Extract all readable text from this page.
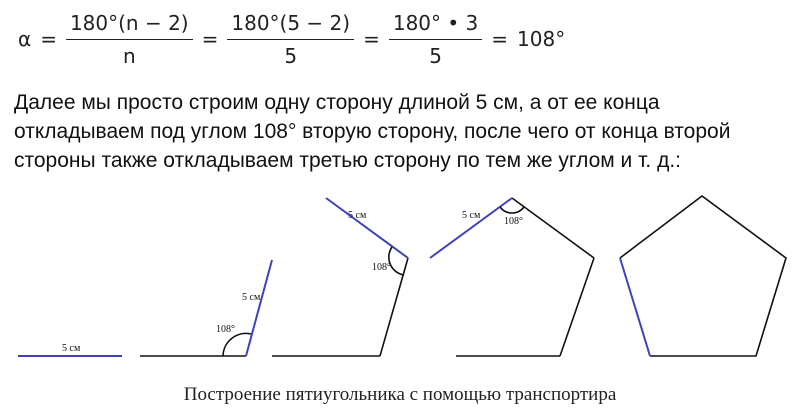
$\alpha = \frac{180^\circ(n - 2)}{n} = \frac{180^\circ(5 - 2)}{5} = \frac{180^\circ • 3}{5} = 108^\circ$

Далее мы просто строим одну сторону длиной 5 см, а от ее конца

откладываем под углом 108° вторую сторону, после чего от конца второй

стороны также откладываем третью сторону по тем же углом и т. д.:

5 см
108°
5 см
108°
5 см
108°
5 см
Построение пятиугольника с помощью транспортира
